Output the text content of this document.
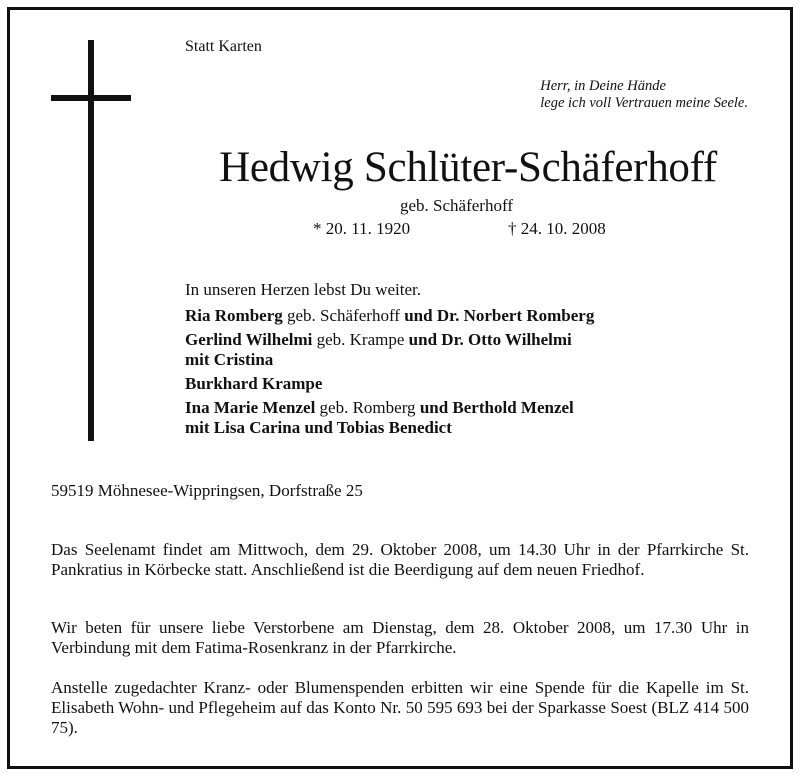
Statt Karten
Herr, in Deine Hände
lege ich voll Vertrauen meine Seele.
Hedwig Schlüter-Schäferhoff
geb. Schäferhoff
* 20. 11. 1920	† 24. 10. 2008
In unseren Herzen lebst Du weiter.
Ria Romberg geb. Schäferhoff und Dr. Norbert Romberg
Gerlind Wilhelmi geb. Krampe und Dr. Otto Wilhelmi
mit Cristina
Burkhard Krampe
Ina Marie Menzel geb. Romberg und Berthold Menzel
mit Lisa Carina und Tobias Benedict
59519 Möhnesee-Wippringsen, Dorfstraße 25
Das Seelenamt findet am Mittwoch, dem 29. Oktober 2008, um 14.30 Uhr in der Pfarrkirche St. Pankratius in Körbecke statt. Anschließend ist die Beerdigung auf dem neuen Friedhof.
Wir beten für unsere liebe Verstorbene am Dienstag, dem 28. Oktober 2008, um 17.30 Uhr in Verbindung mit dem Fatima-Rosenkranz in der Pfarrkirche.
Anstelle zugedachter Kranz- oder Blumenspenden erbitten wir eine Spende für die Kapelle im St. Elisabeth Wohn- und Pflegeheim auf das Konto Nr. 50 595 693 bei der Sparkasse Soest (BLZ 414 500 75).
